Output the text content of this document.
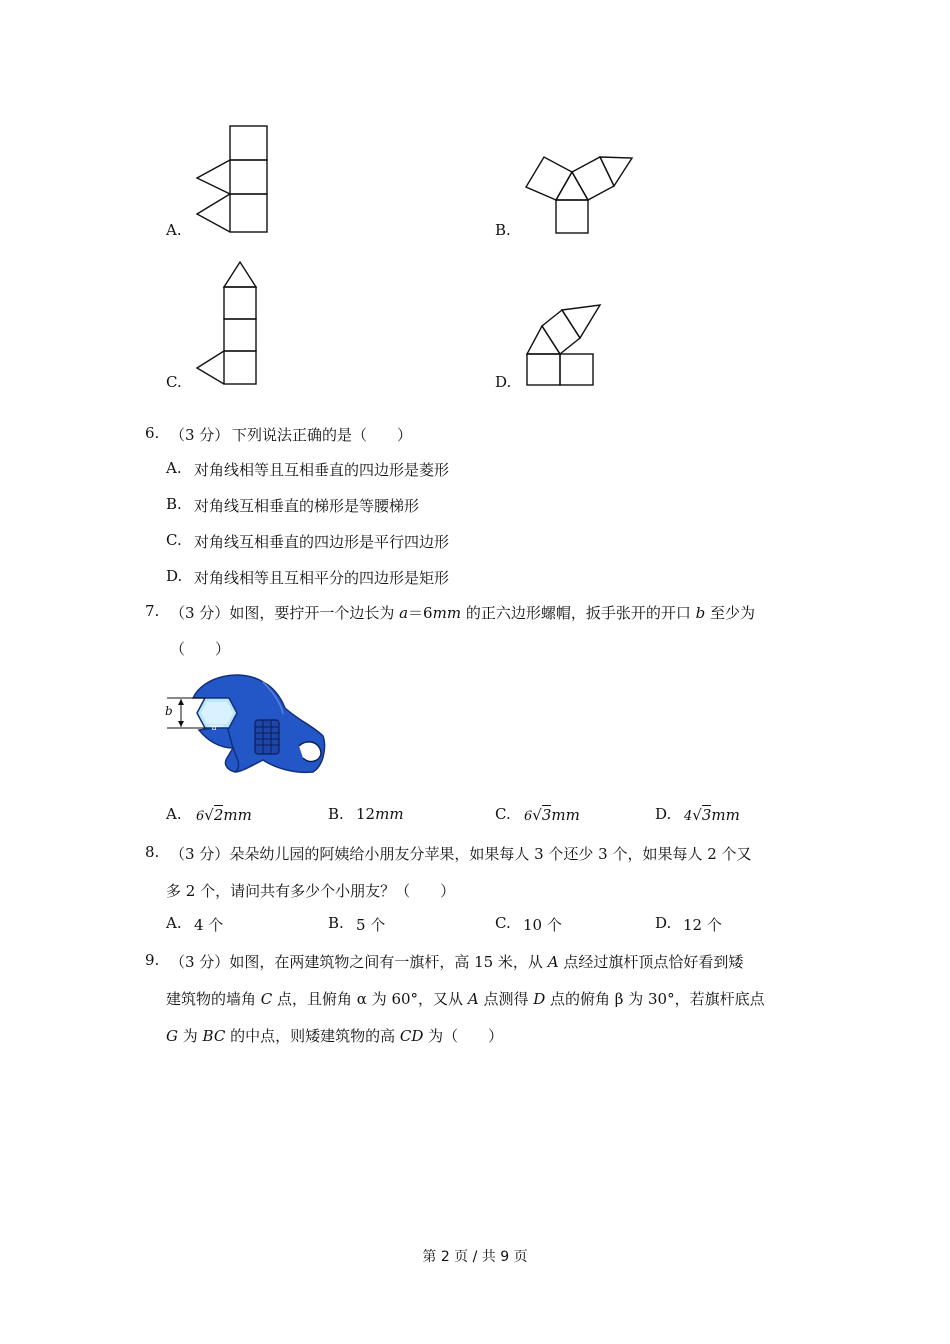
A.	B.
C.	D.
6. （3 分） 下列说法正确的是（　　）
A. 对角线相等且互相垂直的四边形是菱形
B. 对角线互相垂直的梯形是等腰梯形
C. 对角线互相垂直的四边形是平行四边形
D. 对角线相等且互相平分的四边形是矩形
7. （3 分）如图，要拧开一个边长为 a＝6mm 的正六边形螺帽，扳手张开的开口 b 至少为
（　　）
b
a
A. 6√2mm	B. 12mm	C. 6√3mm	D. 4√3mm
8. （3 分）朵朵幼儿园的阿姨给小朋友分苹果，如果每人 3 个还少 3 个，如果每人 2 个又
多 2 个，请问共有多少个小朋友？（　　）
A. 4 个	B. 5 个	C. 10 个	D. 12 个
9. （3 分）如图，在两建筑物之间有一旗杆，高 15 米，从 A 点经过旗杆顶点恰好看到矮
建筑物的墙角 C 点，且俯角 α 为 60°，又从 A 点测得 D 点的俯角 β 为 30°，若旗杆底点
G 为 BC 的中点，则矮建筑物的高 CD 为（　　）
第 2 页 / 共 9 页
